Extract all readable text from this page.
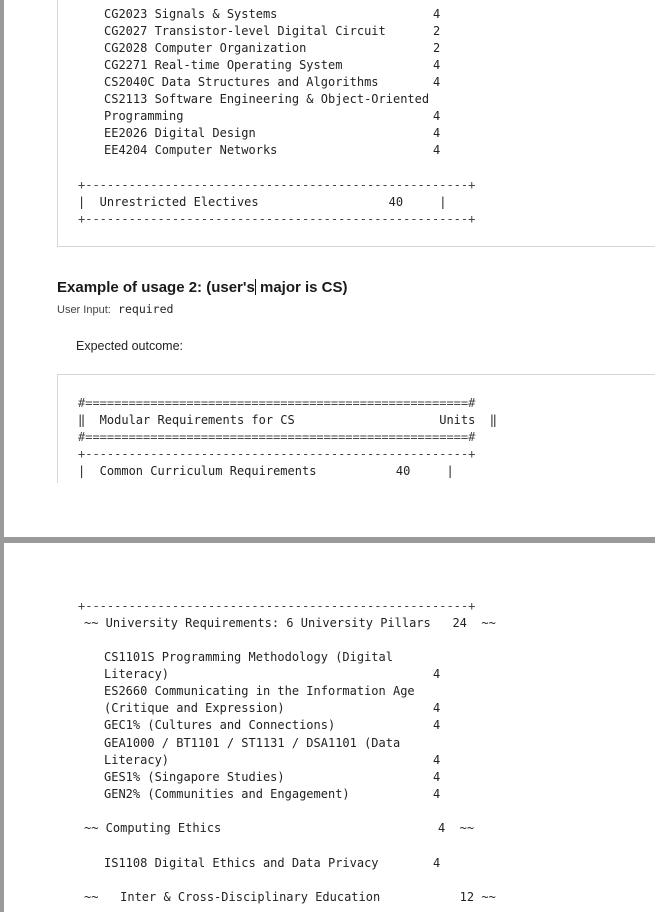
CG2023 Signals & Systems	4
CG2027 Transistor-level Digital Circuit	2
CG2028 Computer Organization	2
CG2271 Real-time Operating System	4
CS2040C Data Structures and Algorithms	4
CS2113 Software Engineering & Object-Oriented
Programming	4
EE2026 Digital Design	4
EE4204 Computer Networks	4
+-----------------------------------------------------+
|  Unrestricted Electives                  40     |
+-----------------------------------------------------+
Example of usage 2: (user's major is CS)
User Input: required
Expected outcome:
#=====================================================#
‖  Modular Requirements for CS                    Units  ‖
#=====================================================#
+-----------------------------------------------------+
|  Common Curriculum Requirements           40     |
+-----------------------------------------------------+
~~ University Requirements: 6 University Pillars   24  ~~
CS1101S Programming Methodology (Digital
Literacy)	4
ES2660 Communicating in the Information Age
(Critique and Expression)	4
GEC1% (Cultures and Connections)	4
GEA1000 / BT1101 / ST1131 / DSA1101 (Data
Literacy)	4
GES1% (Singapore Studies)	4
GEN2% (Communities and Engagement)	4
~~ Computing Ethics                              4  ~~
IS1108 Digital Ethics and Data Privacy	4
~~   Inter & Cross-Disciplinary Education           12 ~~
